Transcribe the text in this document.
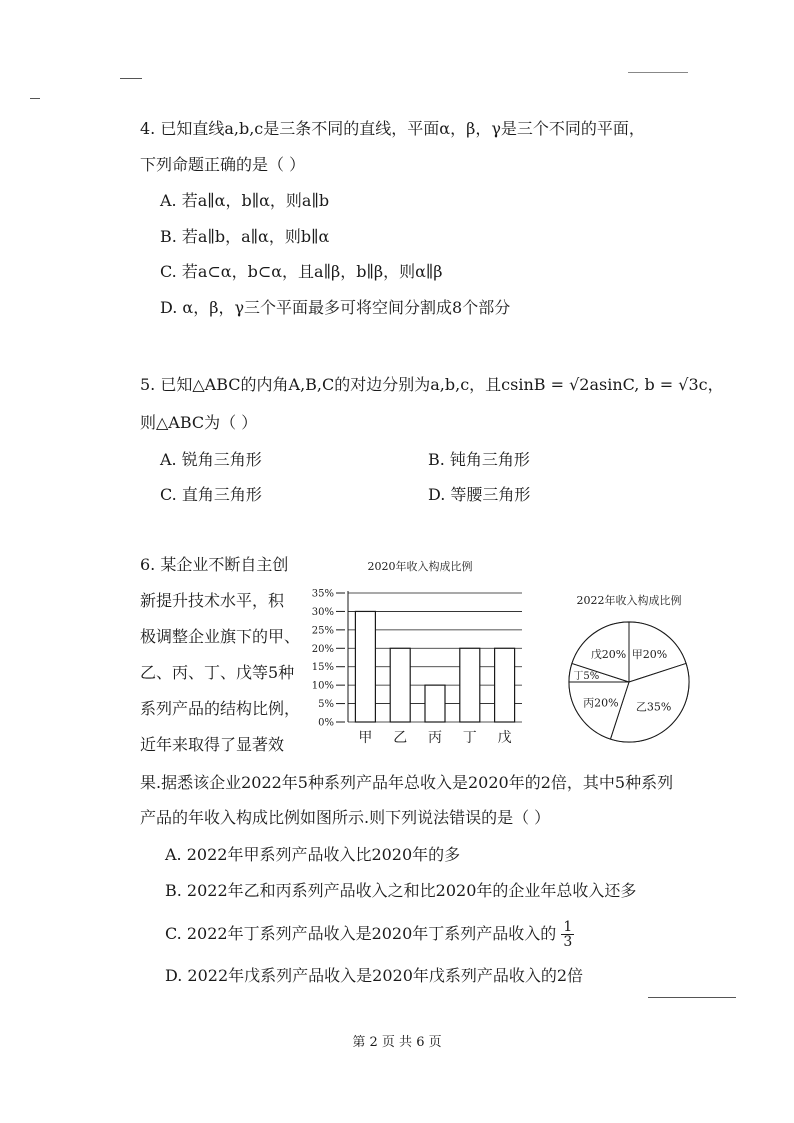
4. 已知直线a,b,c是三条不同的直线，平面α，β，γ是三个不同的平面，
下列命题正确的是（ ）
A. 若a∥α，b∥α，则a∥b
B. 若a∥b，a∥α，则b∥α
C. 若a⊂α，b⊂α，且a∥β，b∥β，则α∥β
D. α，β，γ三个平面最多可将空间分割成8个部分
5. 已知△ABC的内角A,B,C的对边分别为a,b,c，且csinB = √2asinC, b = √3c，
则△ABC为（ ）
A. 锐角三角形	B. 钝角三角形
C. 直角三角形	D. 等腰三角形
6. 某企业不断自主创
新提升技术水平，积
极调整企业旗下的甲、
乙、丙、丁、戊等5种
系列产品的结构比例，
近年来取得了显著效
2020年收入构成比例
0%
5%
10%
15%
20%
25%
30%
35%
甲 乙 丙 丁 戊
2022年收入构成比例
甲20%
乙35%
丙20%
丁5%
戊20%
果.据悉该企业2022年5种系列产品年总收入是2020年的2倍，其中5种系列
产品的年收入构成比例如图所示.则下列说法错误的是（ ）
A. 2022年甲系列产品收入比2020年的多
B. 2022年乙和丙系列产品收入之和比2020年的企业年总收入还多
C. 2022年丁系列产品收入是2020年丁系列产品收入的 $\frac{1}{3}$
D. 2022年戊系列产品收入是2020年戊系列产品收入的2倍
第 2 页 共 6 页
